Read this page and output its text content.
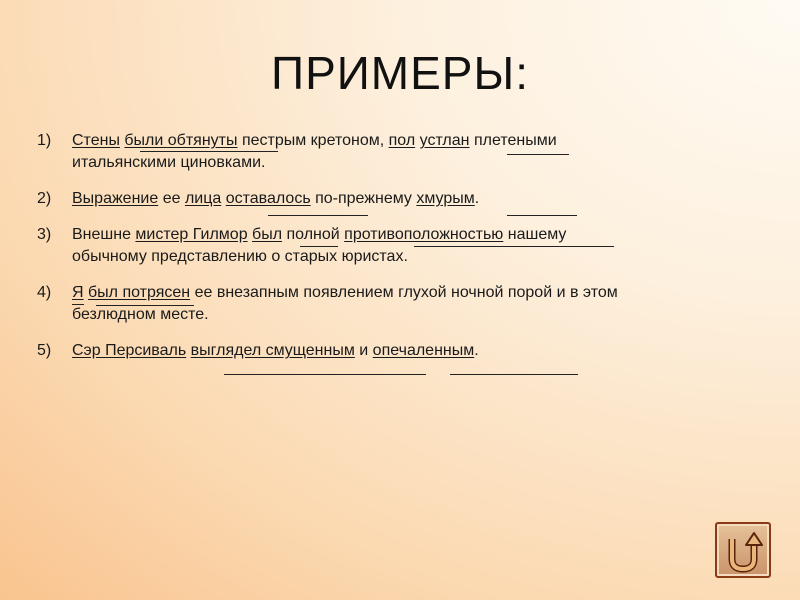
ПРИМЕРЫ:
1) Стены были обтянуты пестрым кретоном, пол устлан плетеными
итальянскими циновками.
2) Выражение ее лица оставалось по-прежнему хмурым.
3) Внешне мистер Гилмор был полной противоположностью нашему
обычному представлению о старых юристах.
4) Я был потрясен ее внезапным появлением глухой ночной порой и в этом
безлюдном месте.
5) Сэр Персиваль выглядел смущенным и опечаленным.
